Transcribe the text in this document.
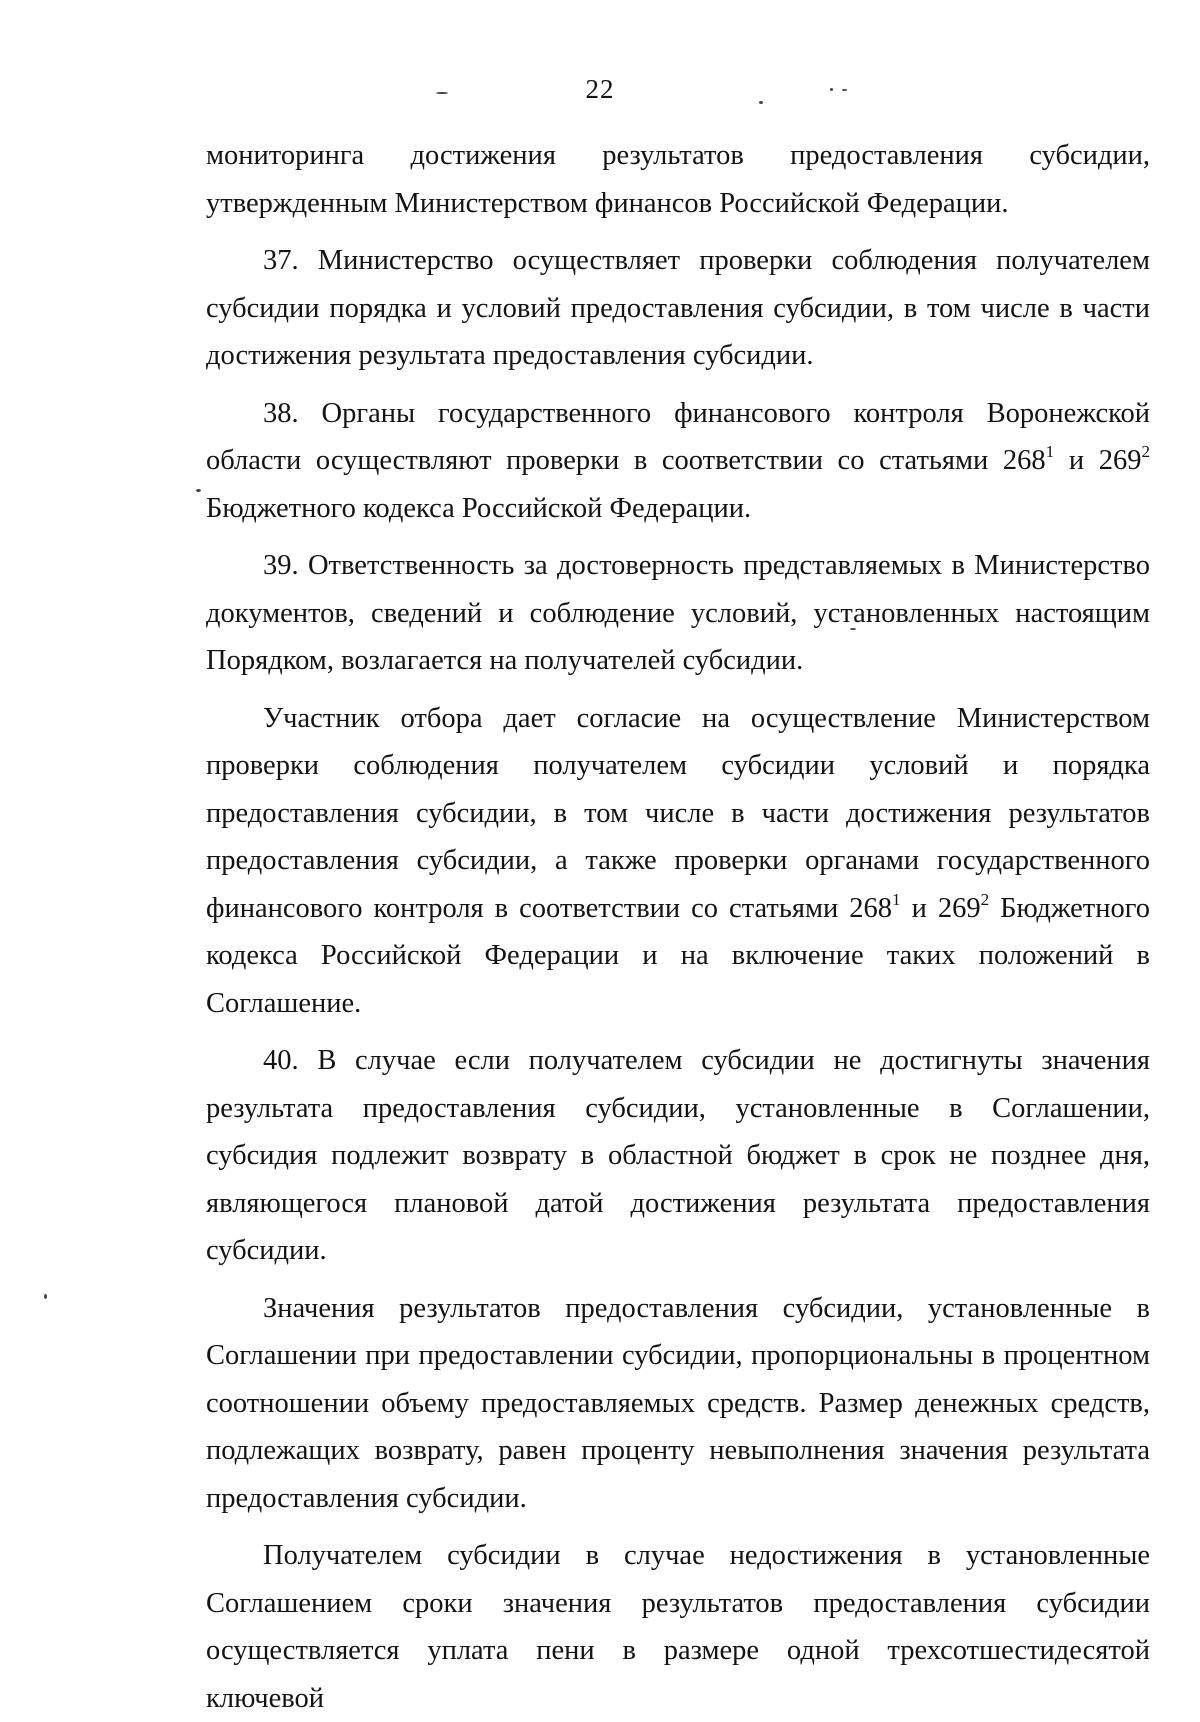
22

мониторинга достижения результатов предоставления субсидии, утвержденным Министерством финансов Российской Федерации.

37. Министерство осуществляет проверки соблюдения получателем субсидии порядка и условий предоставления субсидии, в том числе в части достижения результата предоставления субсидии.

38. Органы государственного финансового контроля Воронежской области осуществляют проверки в соответствии со статьями $268^1$ и $269^2$ Бюджетного кодекса Российской Федерации.

39. Ответственность за достоверность представляемых в Министерство документов, сведений и соблюдение условий, установленных настоящим Порядком, возлагается на получателей субсидии.

Участник отбора дает согласие на осуществление Министерством проверки соблюдения получателем субсидии условий и порядка предоставления субсидии, в том числе в части достижения результатов предоставления субсидии, а также проверки органами государственного финансового контроля в соответствии со статьями $268^1$ и $269^2$ Бюджетного кодекса Российской Федерации и на включение таких положений в Соглашение.

40. В случае если получателем субсидии не достигнуты значения результата предоставления субсидии, установленные в Соглашении, субсидия подлежит возврату в областной бюджет в срок не позднее дня, являющегося плановой датой достижения результата предоставления субсидии.

Значения результатов предоставления субсидии, установленные в Соглашении при предоставлении субсидии, пропорциональны в процентном соотношении объему предоставляемых средств. Размер денежных средств, подлежащих возврату, равен проценту невыполнения значения результата предоставления субсидии.

Получателем субсидии в случае недостижения в установленные Соглашением сроки значения результатов предоставления субсидии осуществляется уплата пени в размере одной трехсотшестидесятой ключевой
